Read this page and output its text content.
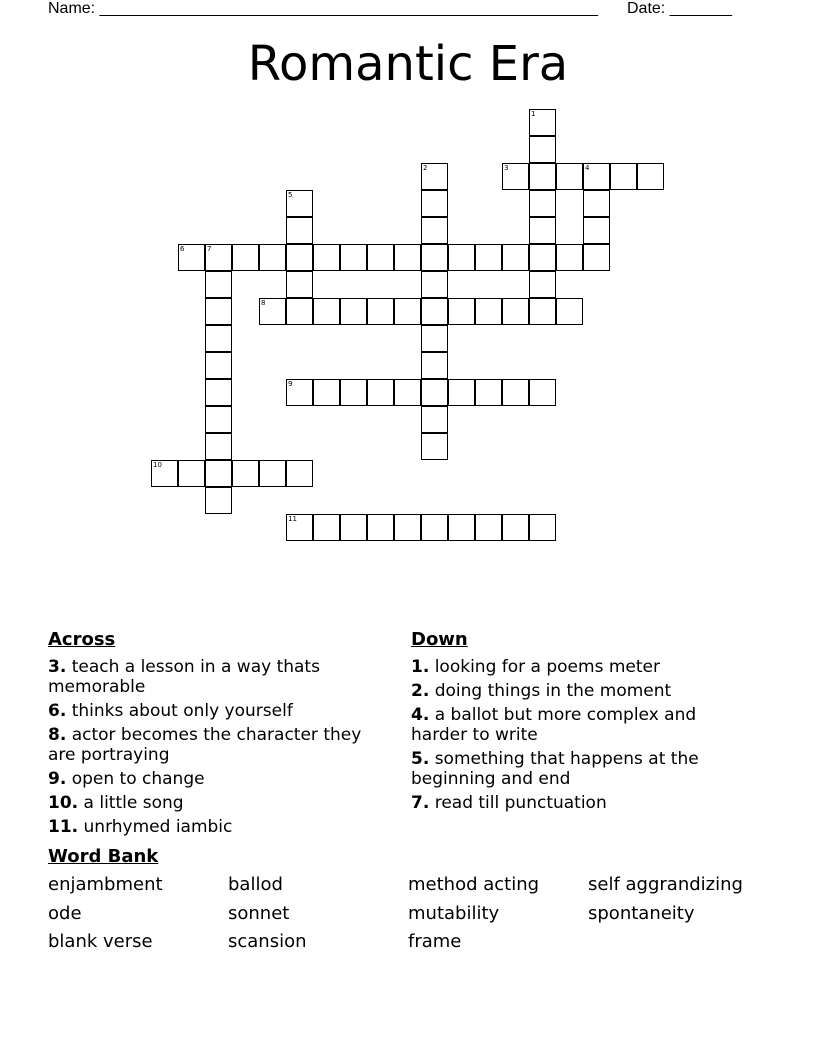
Name: ________________________________________________________ Date: _______
Romantic Era
1
2	3	4
5
6	7
8
9
10
11
Across
3. teach a lesson in a way thats memorable
6. thinks about only yourself
8. actor becomes the character they are portraying
9. open to change
10. a little song
11. unrhymed iambic
Down
1. looking for a poems meter
2. doing things in the moment
4. a ballot but more complex and harder to write
5. something that happens at the beginning and end
7. read till punctuation
Word Bank
enjambment	ballod	method acting	self aggrandizing
ode	sonnet	mutability	spontaneity
blank verse	scansion	frame
